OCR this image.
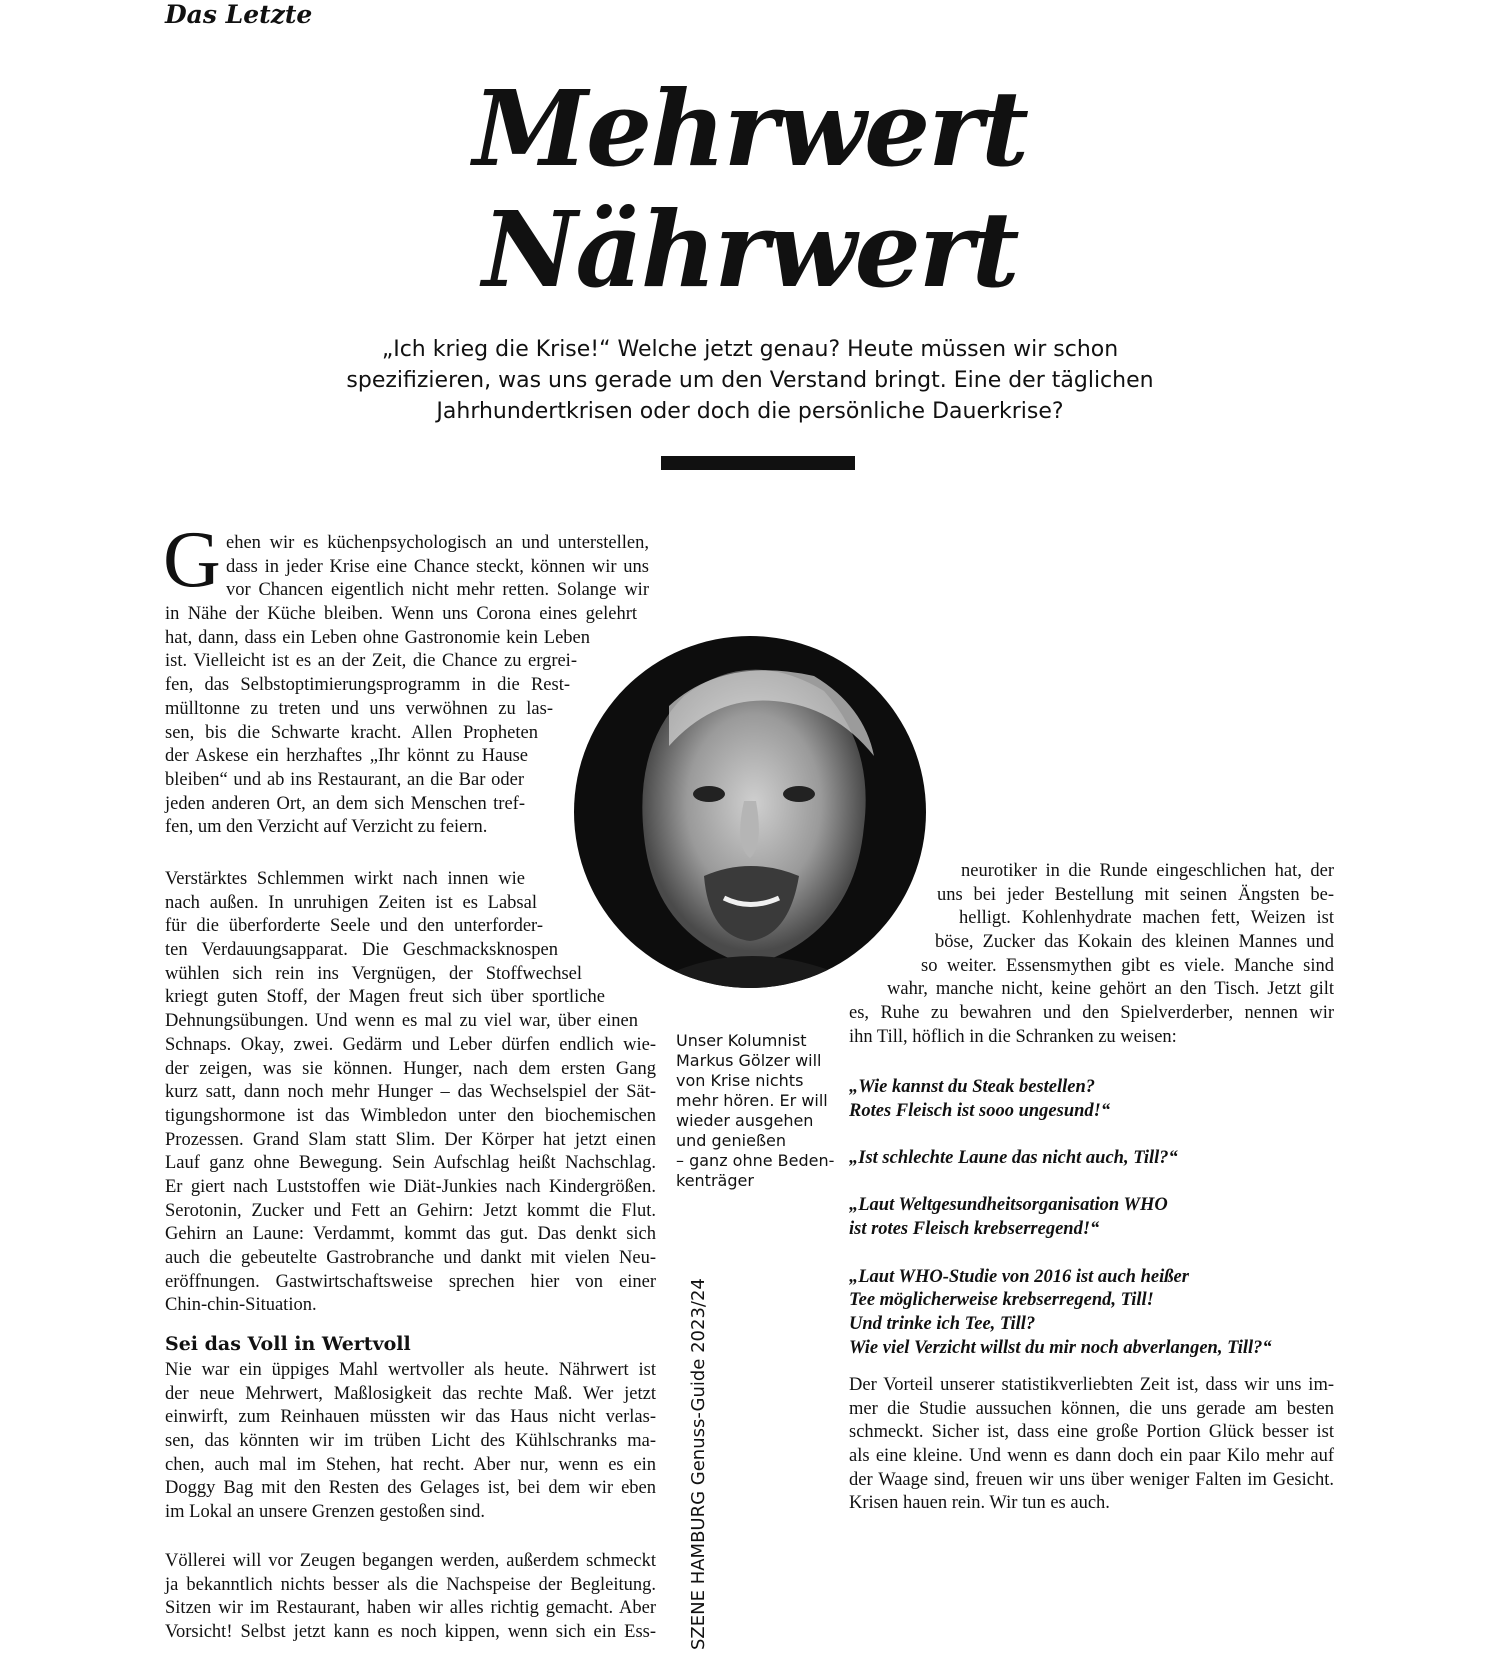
Das Letzte
Mehrwert
Nährwert
„Ich krieg die Krise!“ Welche jetzt genau? Heute müssen wir schon
spezifizieren, was uns gerade um den Verstand bringt. Eine der täglichen
Jahrhundertkrisen oder doch die persönliche Dauerkrise?
G ehen wir es küchenpsychologisch an und unterstellen,
dass in jeder Krise eine Chance steckt, können wir uns
vor Chancen eigentlich nicht mehr retten. Solange wir
in Nähe der Küche bleiben. Wenn uns Corona eines gelehrt
hat, dann, dass ein Leben ohne Gastronomie kein Leben
ist. Vielleicht ist es an der Zeit, die Chance zu ergrei-
fen, das Selbstoptimierungsprogramm in die Rest-
mülltonne zu treten und uns verwöhnen zu las-
sen, bis die Schwarte kracht. Allen Propheten
der Askese ein herzhaftes „Ihr könnt zu Hause
bleiben“ und ab ins Restaurant, an die Bar oder
jeden anderen Ort, an dem sich Menschen tref-
fen, um den Verzicht auf Verzicht zu feiern.
Verstärktes Schlemmen wirkt nach innen wie
nach außen. In unruhigen Zeiten ist es Labsal
für die überforderte Seele und den unterforder-
ten Verdauungsapparat. Die Geschmacksknospen
wühlen sich rein ins Vergnügen, der Stoffwechsel
kriegt guten Stoff, der Magen freut sich über sportliche
Dehnungsübungen. Und wenn es mal zu viel war, über einen
Schnaps. Okay, zwei. Gedärm und Leber dürfen endlich wie-
der zeigen, was sie können. Hunger, nach dem ersten Gang
kurz satt, dann noch mehr Hunger – das Wechselspiel der Sät-
tigungshormone ist das Wimbledon unter den biochemischen
Prozessen. Grand Slam statt Slim. Der Körper hat jetzt einen
Lauf ganz ohne Bewegung. Sein Aufschlag heißt Nachschlag.
Er giert nach Luststoffen wie Diät-Junkies nach Kindergrößen.
Serotonin, Zucker und Fett an Gehirn: Jetzt kommt die Flut.
Gehirn an Laune: Verdammt, kommt das gut. Das denkt sich
auch die gebeutelte Gastrobranche und dankt mit vielen Neu-
eröffnungen. Gastwirtschaftsweise sprechen hier von einer
Chin-chin-Situation.
Sei das Voll in Wertvoll
Nie war ein üppiges Mahl wertvoller als heute. Nährwert ist
der neue Mehrwert, Maßlosigkeit das rechte Maß. Wer jetzt
einwirft, zum Reinhauen müssten wir das Haus nicht verlas-
sen, das könnten wir im trüben Licht des Kühlschranks ma-
chen, auch mal im Stehen, hat recht. Aber nur, wenn es ein
Doggy Bag mit den Resten des Gelages ist, bei dem wir eben
im Lokal an unsere Grenzen gestoßen sind.
Völlerei will vor Zeugen begangen werden, außerdem schmeckt
ja bekanntlich nichts besser als die Nachspeise der Begleitung.
Sitzen wir im Restaurant, haben wir alles richtig gemacht. Aber
Vorsicht! Selbst jetzt kann es noch kippen, wenn sich ein Ess-
Unser Kolumnist
Markus Gölzer will
von Krise nichts
mehr hören. Er will
wieder ausgehen
und genießen
– ganz ohne Beden-
kenträger
SZENE HAMBURG Genuss-Guide 2023/24
neurotiker in die Runde eingeschlichen hat, der
uns bei jeder Bestellung mit seinen Ängsten be-
helligt. Kohlenhydrate machen fett, Weizen ist
böse, Zucker das Kokain des kleinen Mannes und
so weiter. Essensmythen gibt es viele. Manche sind
wahr, manche nicht, keine gehört an den Tisch. Jetzt gilt
es, Ruhe zu bewahren und den Spielverderber, nennen wir
ihn Till, höflich in die Schranken zu weisen:
„Wie kannst du Steak bestellen?
Rotes Fleisch ist sooo ungesund!“
„Ist schlechte Laune das nicht auch, Till?“
„Laut Weltgesundheitsorganisation WHO
ist rotes Fleisch krebserregend!“
„Laut WHO-Studie von 2016 ist auch heißer
Tee möglicherweise krebserregend, Till!
Und trinke ich Tee, Till?
Wie viel Verzicht willst du mir noch abverlangen, Till?“
Der Vorteil unserer statistikverliebten Zeit ist, dass wir uns im-
mer die Studie aussuchen können, die uns gerade am besten
schmeckt. Sicher ist, dass eine große Portion Glück besser ist
als eine kleine. Und wenn es dann doch ein paar Kilo mehr auf
der Waage sind, freuen wir uns über weniger Falten im Gesicht.
Krisen hauen rein. Wir tun es auch.
